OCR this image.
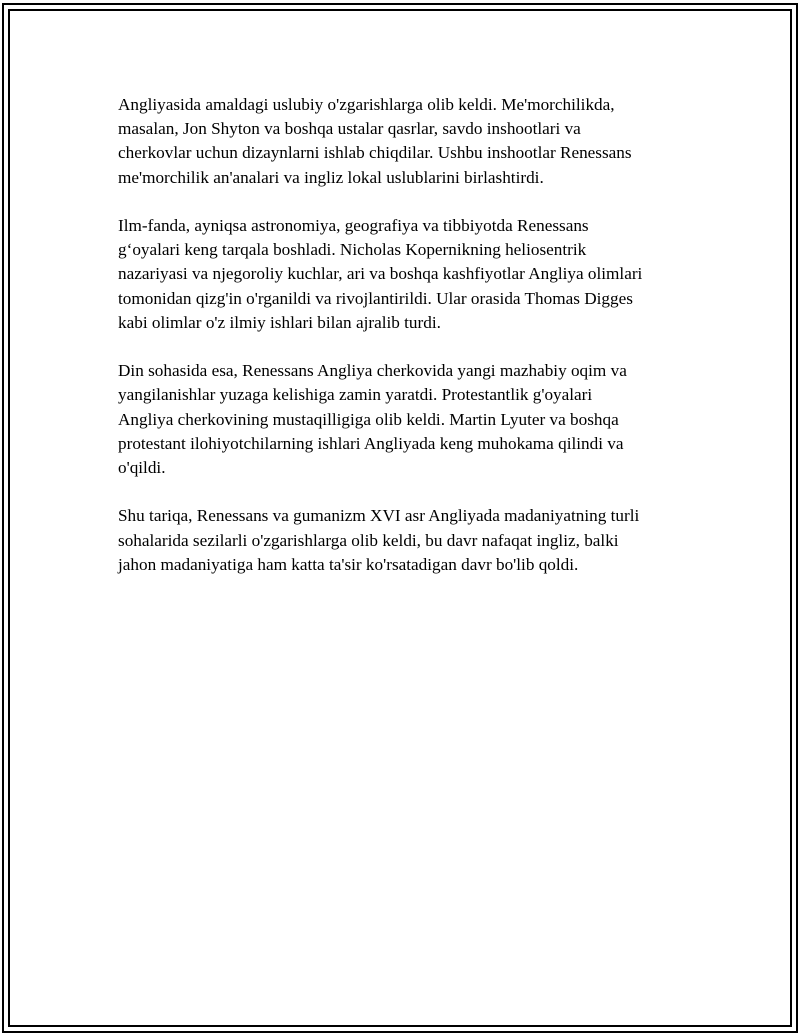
Angliyasida amaldagi uslubiy o'zgarishlarga olib keldi. Me'morchilikda,
masalan, Jon Shyton va boshqa ustalar qasrlar, savdo inshootlari va
cherkovlar uchun dizaynlarni ishlab chiqdilar. Ushbu inshootlar Renessans
me'morchilik an'analari va ingliz lokal uslublarini birlashtirdi.

Ilm-fanda, ayniqsa astronomiya, geografiya va tibbiyotda Renessans
g‘oyalari keng tarqala boshladi. Nicholas Kopernikning heliosentrik
nazariyasi va njegoroliy kuchlar, ari va boshqa kashfiyotlar Angliya olimlari
tomonidan qizg'in o'rganildi va rivojlantirildi. Ular orasida Thomas Digges
kabi olimlar o'z ilmiy ishlari bilan ajralib turdi.

Din sohasida esa, Renessans Angliya cherkovida yangi mazhabiy oqim va
yangilanishlar yuzaga kelishiga zamin yaratdi. Protestantlik g'oyalari
Angliya cherkovining mustaqilligiga olib keldi. Martin Lyuter va boshqa
protestant ilohiyotchilarning ishlari Angliyada keng muhokama qilindi va
o'qildi.

Shu tariqa, Renessans va gumanizm XVI asr Angliyada madaniyatning turli
sohalarida sezilarli o'zgarishlarga olib keldi, bu davr nafaqat ingliz, balki
jahon madaniyatiga ham katta ta'sir ko'rsatadigan davr bo'lib qoldi.
